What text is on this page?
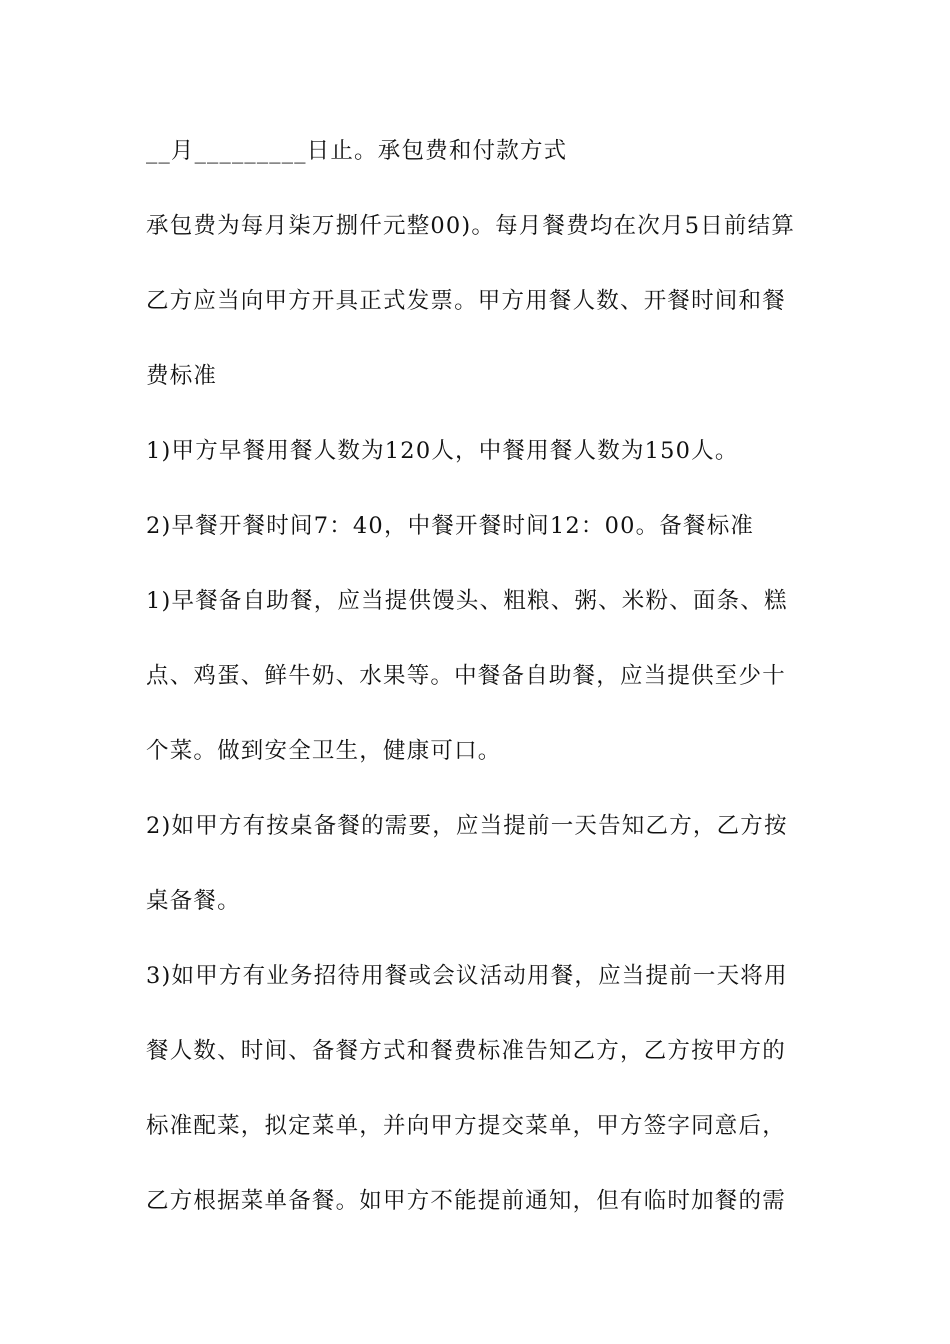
__月_________日止。承包费和付款方式
承包费为每月柒万捌仟元整00)。每月餐费均在次月5日前结算
乙方应当向甲方开具正式发票。甲方用餐人数、开餐时间和餐
费标准
1)甲方早餐用餐人数为120人，中餐用餐人数为150人。
2)早餐开餐时间7：40，中餐开餐时间12：00。备餐标准
1)早餐备自助餐，应当提供馒头、粗粮、粥、米粉、面条、糕
点、鸡蛋、鲜牛奶、水果等。中餐备自助餐，应当提供至少十
个菜。做到安全卫生，健康可口。
2)如甲方有按桌备餐的需要，应当提前一天告知乙方，乙方按
桌备餐。
3)如甲方有业务招待用餐或会议活动用餐，应当提前一天将用
餐人数、时间、备餐方式和餐费标准告知乙方，乙方按甲方的
标准配菜，拟定菜单，并向甲方提交菜单，甲方签字同意后，
乙方根据菜单备餐。如甲方不能提前通知，但有临时加餐的需
